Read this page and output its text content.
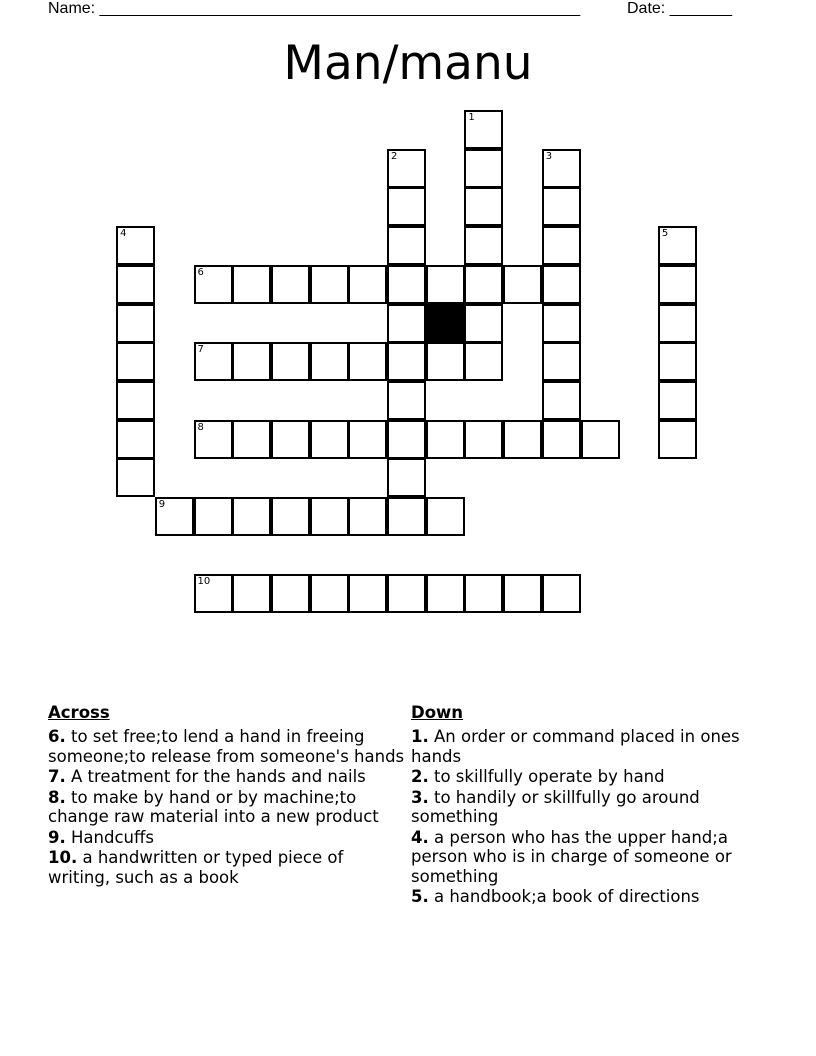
Name: ______________________________________________________	Date: _______
Man/manu
1
2	3
4	5
6
7
8
9
10
Across
6. to set free;to lend a hand in freeing someone;to release from someone's hands
7. A treatment for the hands and nails
8. to make by hand or by machine;to change raw material into a new product
9. Handcuffs
10. a handwritten or typed piece of writing, such as a book
Down
1. An order or command placed in ones hands
2. to skillfully operate by hand
3. to handily or skillfully go around something
4. a person who has the upper hand;a person who is in charge of someone or something
5. a handbook;a book of directions
